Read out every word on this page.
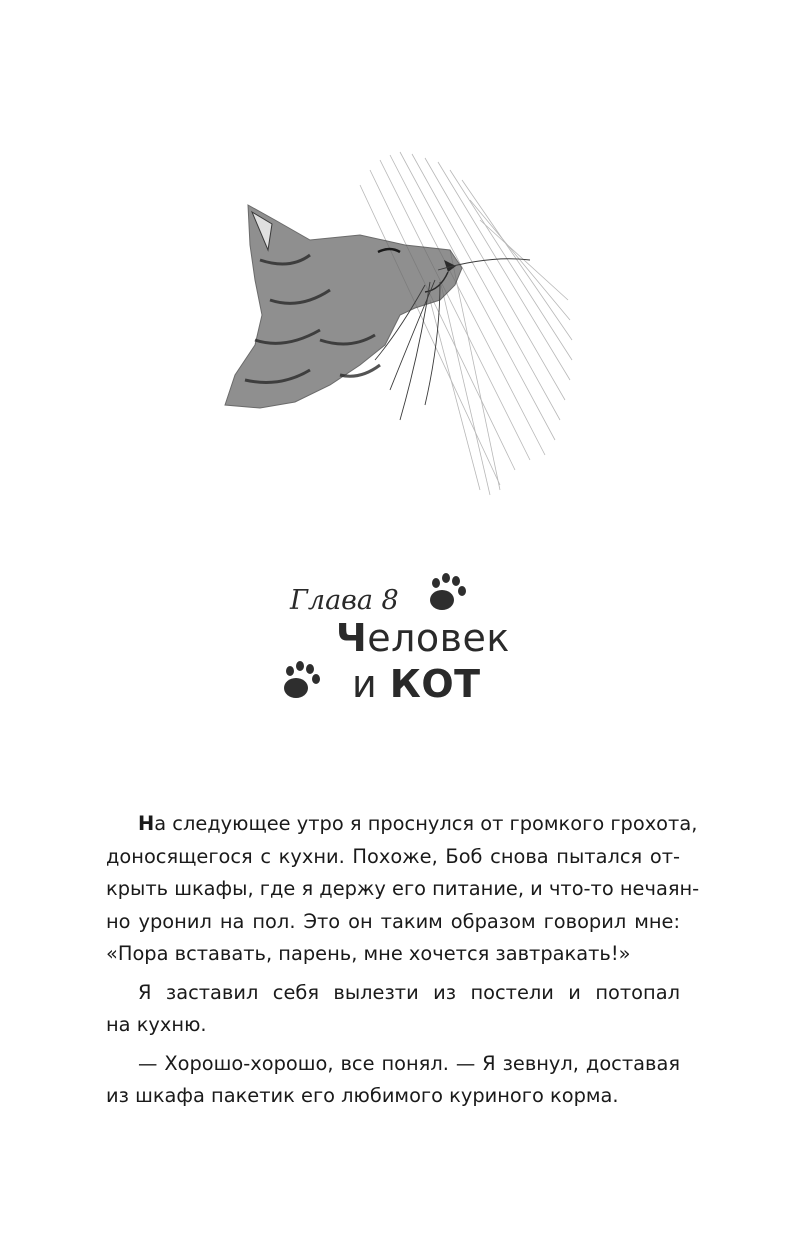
Глава 8
Человек
и КОТ
На следующее утро я проснулся от громкого грохота,
доносящегося с кухни. Похоже, Боб снова пытался от-
крыть шкафы, где я держу его питание, и что-то нечаян-
но уронил на пол. Это он таким образом говорил мне:
«Пора вставать, парень, мне хочется завтракать!»
Я заставил себя вылезти из постели и потопал
на кухню.
— Хорошо-хорошо, все понял. — Я зевнул, доставая
из шкафа пакетик его любимого куриного корма.
